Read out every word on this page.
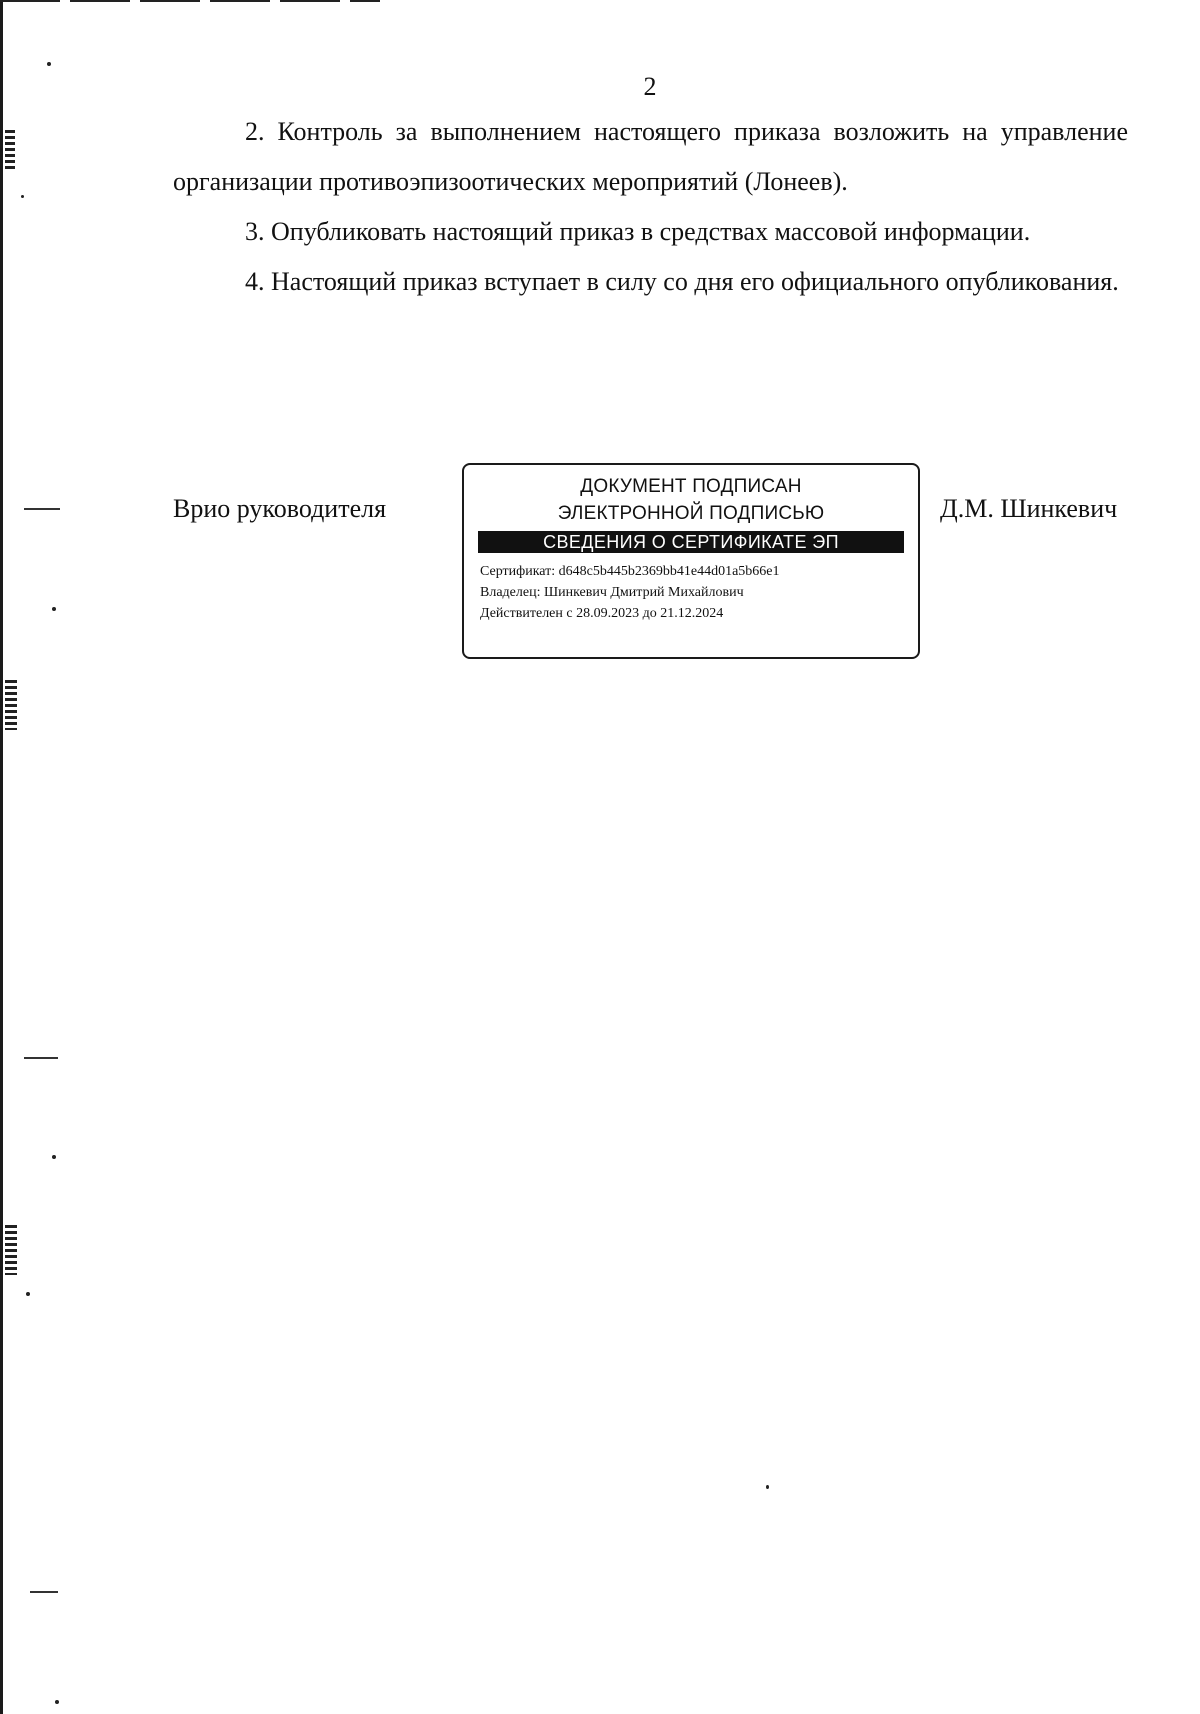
2

2. Контроль за выполнением настоящего приказа возложить на управление организации противоэпизоотических мероприятий (Лонеев).

3. Опубликовать настоящий приказ в средствах массовой информации.

4. Настоящий приказ вступает в силу со дня его официального опубликования.

Врио руководителя
ДОКУМЕНТ ПОДПИСАН
ЭЛЕКТРОННОЙ ПОДПИСЬЮ
СВЕДЕНИЯ О СЕРТИФИКАТЕ ЭП
Сертификат: d648c5b445b2369bb41e44d01a5b66e1
Владелец: Шинкевич Дмитрий Михайлович
Действителен с 28.09.2023 до 21.12.2024
Д.М. Шинкевич
